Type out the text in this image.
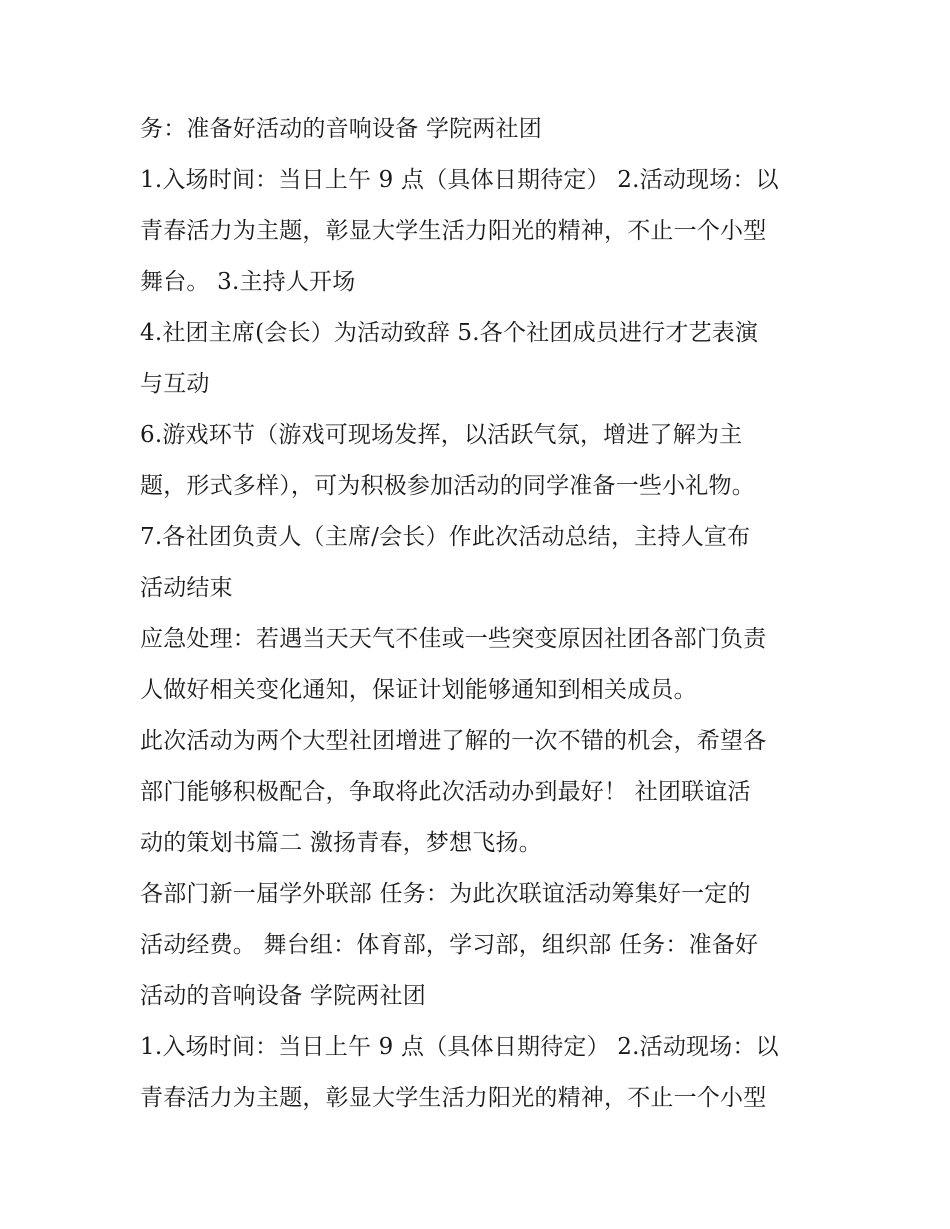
务：准备好活动的音响设备 学院两社团
1.入场时间：当日上午 9 点（具体日期待定） 2.活动现场：以
青春活力为主题，彰显大学生活力阳光的精神，不止一个小型
舞台。 3.主持人开场
4.社团主席(会长）为活动致辞 5.各个社团成员进行才艺表演
与互动
6.游戏环节（游戏可现场发挥，以活跃气氛，增进了解为主
题，形式多样），可为积极参加活动的同学准备一些小礼物。
7.各社团负责人（主席/会长）作此次活动总结，主持人宣布
活动结束
应急处理：若遇当天天气不佳或一些突变原因社团各部门负责
人做好相关变化通知，保证计划能够通知到相关成员。
此次活动为两个大型社团增进了解的一次不错的机会，希望各
部门能够积极配合，争取将此次活动办到最好！ 社团联谊活
动的策划书篇二 激扬青春，梦想飞扬。
各部门新一届学外联部 任务：为此次联谊活动筹集好一定的
活动经费。 舞台组：体育部，学习部，组织部 任务：准备好
活动的音响设备 学院两社团
1.入场时间：当日上午 9 点（具体日期待定） 2.活动现场：以
青春活力为主题，彰显大学生活力阳光的精神，不止一个小型
